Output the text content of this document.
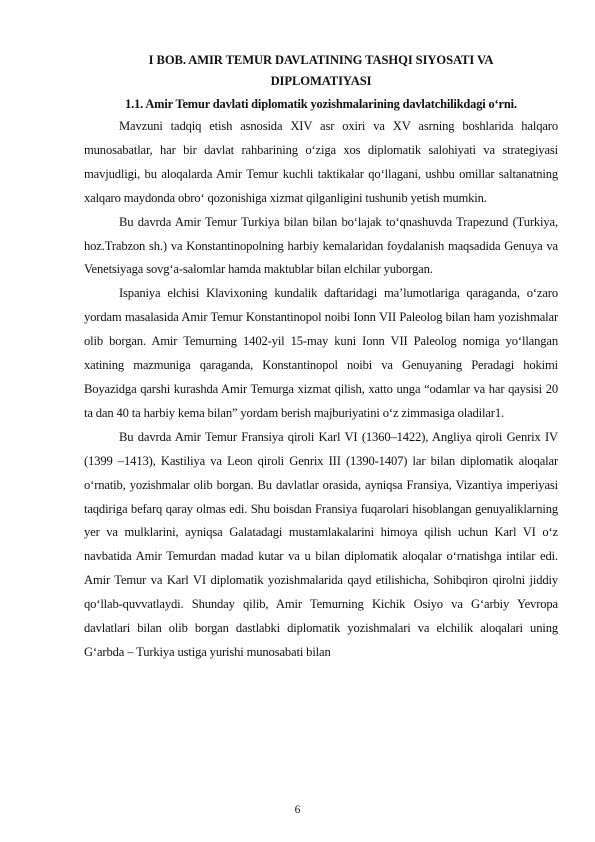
I BOB. AMIR TEMUR DAVLATINING TASHQI SIYOSATI VA
DIPLOMATIYASI
1.1. Amir Temur davlati diplomatik yozishmalarining davlatchilikdagi o‘rni.

Mavzuni tadqiq etish asnosida XIV asr oxiri va XV asrning boshlarida halqaro munosabatlar, har bir davlat rahbarining o‘ziga xos diplomatik salohiyati va strategiyasi mavjudligi, bu aloqalarda Amir Temur kuchli taktikalar qo‘llagani, ushbu omillar saltanatning xalqaro maydonda obro‘ qozonishiga xizmat qilganligini tushunib yetish mumkin.

Bu davrda Amir Temur Turkiya bilan bilan bo‘lajak to‘qnashuvda Trapezund (Turkiya, hoz.Trabzon sh.) va Konstantinopolning harbiy kemalaridan foydalanish maqsadida Genuya va Venetsiyaga sovg‘a-salomlar hamda maktublar bilan elchilar yuborgan.

Ispaniya elchisi Klavixoning kundalik daftaridagi ma’lumotlariga qaraganda, o‘zaro yordam masalasida Amir Temur Konstantinopol noibi Ionn VII Paleolog bilan ham yozishmalar olib borgan. Amir Temurning 1402-yil 15-may kuni Ionn VII Paleolog nomiga yo‘llangan xatining mazmuniga qaraganda, Konstantinopol noibi va Genuyaning Peradagi hokimi Boyazidga qarshi kurashda Amir Temurga xizmat qilish, xatto unga “odamlar va har qaysisi 20 ta dan 40 ta harbiy kema bilan” yordam berish majburiyatini o‘z zimmasiga oladilar1.

Bu davrda Amir Temur Fransiya qiroli Karl VI (1360–1422), Angliya qiroli Genrix IV (1399 –1413), Kastiliya va Leon qiroli Genrix III (1390-1407) lar bilan diplomatik aloqalar o‘rnatib, yozishmalar olib borgan. Bu davlatlar orasida, ayniqsa Fransiya, Vizantiya imperiyasi taqdiriga befarq qaray olmas edi. Shu boisdan Fransiya fuqarolari hisoblangan genuyaliklarning yer va mulklarini, ayniqsa Galatadagi mustamlakalarini himoya qilish uchun Karl VI o‘z navbatida Amir Temurdan madad kutar va u bilan diplomatik aloqalar o‘rnatishga intilar edi. Amir Temur va Karl VI diplomatik yozishmalarida qayd etilishicha, Sohibqiron qirolni jiddiy qo‘llab-quvvatlaydi. Shunday qilib, Amir Temurning Kichik Osiyo va G‘arbiy Yevropa davlatlari bilan olib borgan dastlabki diplomatik yozishmalari va elchilik aloqalari uning G‘arbda – Turkiya ustiga yurishi munosabati bilan

6
